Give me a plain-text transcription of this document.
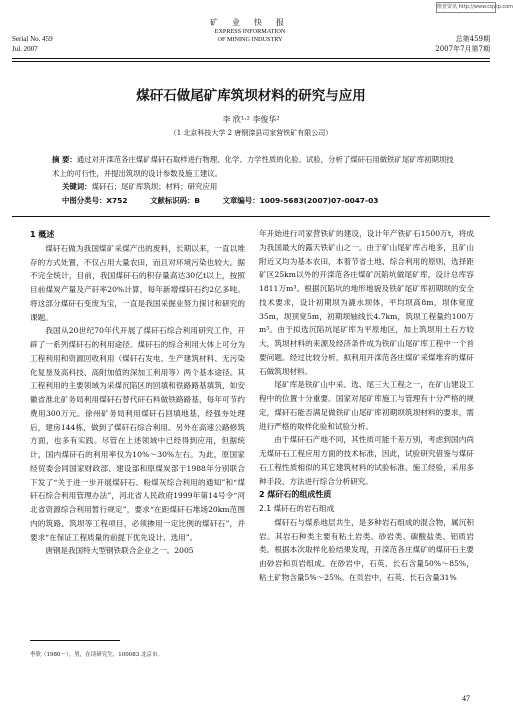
维普资讯 http://www.cqvip.com
Serial No. 459
Jul. 2007
矿 业 快 报
EXPRESS INFORMATION
OF MINING INDUSTRY	总第459期
2007年7月第7期
煤矸石做尾矿库筑坝材料的研究与应用
李 欣¹·² 李俊华²
（1 北京科技大学 2 唐钢滦县司家营铁矿有限公司）
摘 要：通过对开滦范各庄煤矿煤矸石取样进行物理、化学、力学性质的化验、试验，分析了煤矸石用做铁矿尾矿库初期坝技术上的可行性，并提出筑坝的设计参数及施工建议。
关键词：煤矸石；尾矿库筑坝；材料；研究应用
中图分类号：X752	文献标识码：B	文章编号：1009-5683(2007)07-0047-03
1 概述

煤矸石做为我国煤矿采煤产出的废料，长期以来，一直以堆存的方式处置，不仅占用大量农田，而且对环境污染也较大。据不完全统计，目前，我国煤矸石的积存量高达30亿t以上，按照目前煤炭产量及产矸率20%计算，每年新增煤矸石约2亿多吨。将这部分煤矸石变废为宝，一直是我国采掘业努力探讨和研究的课题。

我国从20世纪70年代开展了煤矸石综合利用研究工作，开辟了一系列煤矸石的利用途径。煤矸石的综合利用大体上可分为工程利用和资源回收利用（煤矸石发电、生产建筑材料、无污染化复垦及高科技、高附加值的深加工利用等）两个基本途径。其工程利用的主要领域为采煤沉陷区的回填和铁路路基填筑，如安徽省淮北矿务局利用煤矸石替代矸石料做铁路路基，每年可节约费用300万元。徐州矿务局利用煤矸石回填地基，经强夯处理后，建房144栋，做到了煤矸石综合利用。另外在高速公路修筑方面，也多有实践。尽管在上述领域中已经得到应用，但据统计，国内煤矸石的利用率仅为10%～30%左右。为此，原国家经贸委会同国家财政部、建设部和原煤炭部于1988年分别联合下发了“关于进一步开展煤矸石、粉煤灰综合利用的通知”和“煤矸石综合利用管理办法”，河北省人民政府1999年第14号令“河北省资源综合利用暂行规定”，要求“在距煤矸石堆场20km范围内的筑路、筑坝等工程项目，必须掺用一定比例的煤矸石”，并要求“在保证工程质量的前提下优先设计、选用”。

唐钢是我国特大型钢铁联合企业之一。2005

年开始进行司家营铁矿的建设，设计年产铁矿石1500万t，将成为我国最大的露天铁矿山之一。由于矿山尾矿库占地多，且矿山附近又均为基本农田，本着节省土地、综合利用的原则，选择距矿区25km以外的开滦范各庄煤矿沉陷坑做尾矿库，设计总库容1811万m³。根据沉陷坑的地形地貌及铁矿尾矿库初期坝的安全技术要求，设计初期坝为漉水坝体，平均坝高8m，坝体宽度35m，坝顶宽5m，初期坝轴线长4.7km，筑坝工程量约100万m³。由于拟选沉陷坑尾矿库为平原地区，加上筑坝用土石方较大，筑坝材料的来源及经济条件成为铁矿山尾矿库工程中一个首要问题。经过比较分析，拟利用开滦范各庄煤矿采煤堆弃的煤矸石做筑坝材料。

尾矿库是铁矿山中采、选、尾三大工程之一，在矿山建设工程中的位置十分重要。国家对尾矿库施工与管理有十分严格的规定，煤矸石能否满足做铁矿山尾矿库初期坝筑坝材料的要求，需进行严格的取样化验和试验分析。

由于煤矸石产地不同，其性质可能千差万别，考虑到国内尚无煤矸石工程应用方面的技术标准，因此，试验研究借鉴与煤矸石工程性质相似的其它建筑材料的试验标准、施工经验，采用多种手段、方法进行综合分析研究。

2 煤矸石的组成性质
2.1 煤矸石的岩石组成

煤矸石与煤系地层共生，是多种岩石组成的混合物，属沉积岩。其岩石种类主要有粘土岩类、砂岩类、碳酸盐类、铝质岩类。根据本次取样化验结果发现，开滦范各庄煤矿的煤矸石主要由砂岩和页岩组成。在砂岩中，石英、长石含量50%～85%，粘土矿物含量5%～25%。在页岩中，石英、长石含量31%

李欣（1980－），男，在读研究生，100083 北京市。
47
